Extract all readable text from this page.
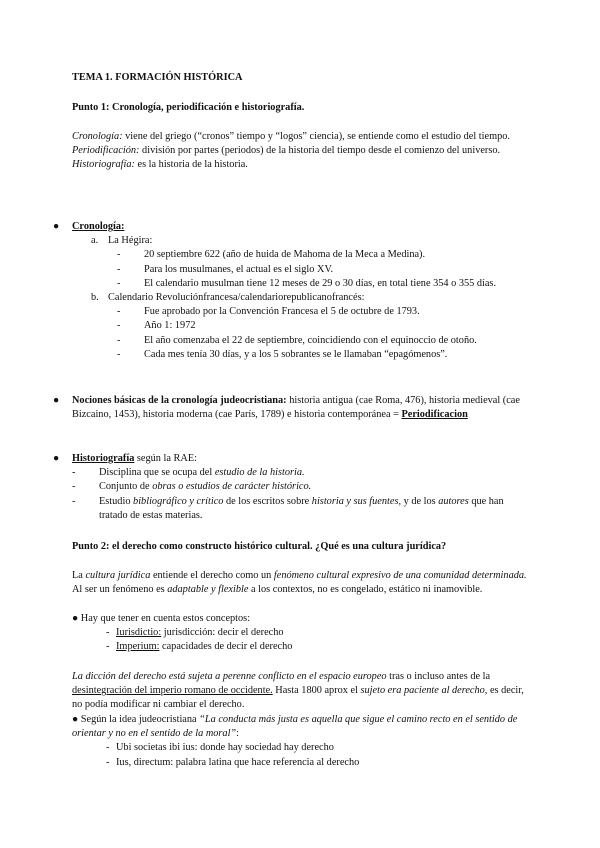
TEMA 1. FORMACIÓN HISTÓRICA

Punto 1: Cronología, periodificación e historiografía.

Cronología: viene del griego (“cronos” tiempo y “logos” ciencia), se entiende como el estudio del tiempo.

Periodificación: división por partes (periodos) de la historia del tiempo desde el comienzo del universo.

Historiografía: es la historia de la historia.

● Cronología:
a. La Hégira:
- 20 septiembre 622 (año de huida de Mahoma de la Meca a Medina).
- Para los musulmanes, el actual es el siglo XV.
- El calendario musulman tiene 12 meses de 29 o 30 días, en total tiene 354 o 355 días.
b. Calendario Revoluciónfrancesa/calendariorepublicanofrancés:
- Fue aprobado por la Convención Francesa el 5 de octubre de 1793.
- Año 1: 1972
- El año comenzaba el 22 de septiembre, coincidiendo con el equinoccio de otoño.
- Cada mes tenía 30 días, y a los 5 sobrantes se le llamaban “epagómenos”.
● Nociones básicas de la cronología judeocristiana: historia antigua (cae Roma, 476), historia medieval (cae Bizcaino, 1453), historia moderna (cae París, 1789) e historia contemporánea = Periodificacion
● Historiografía según la RAE:
- Disciplina que se ocupa del estudio de la historia.
- Conjunto de obras o estudios de carácter histórico.
- Estudio bibliográfico y crítico de los escritos sobre historia y sus fuentes, y de los autores que han tratado de estas materias.

Punto 2: el derecho como constructo histórico cultural. ¿Qué es una cultura jurídica?

La cultura jurídica entiende el derecho como un fenómeno cultural expresivo de una comunidad determinada. Al ser un fenómeno es adaptable y flexible a los contextos, no es congelado, estático ni inamovible.

● Hay que tener en cuenta estos conceptos:

- Iurisdictio: jurisdicción: decir el derecho
- Imperium: capacidades de decir el derecho

La dicción del derecho está sujeta a perenne conflicto en el espacio europeo tras o incluso antes de la desintegración del imperio romano de occidente. Hasta 1800 aprox el sujeto era paciente al derecho, es decir, no podía modificar ni cambiar el derecho.

● Según la idea judeocristiana “La conducta más justa es aquella que sigue el camino recto en el sentido de orientar y no en el sentido de la moral”:

- Ubi societas ibi ius: donde hay sociedad hay derecho
- Ius, directum: palabra latina que hace referencia al derecho
